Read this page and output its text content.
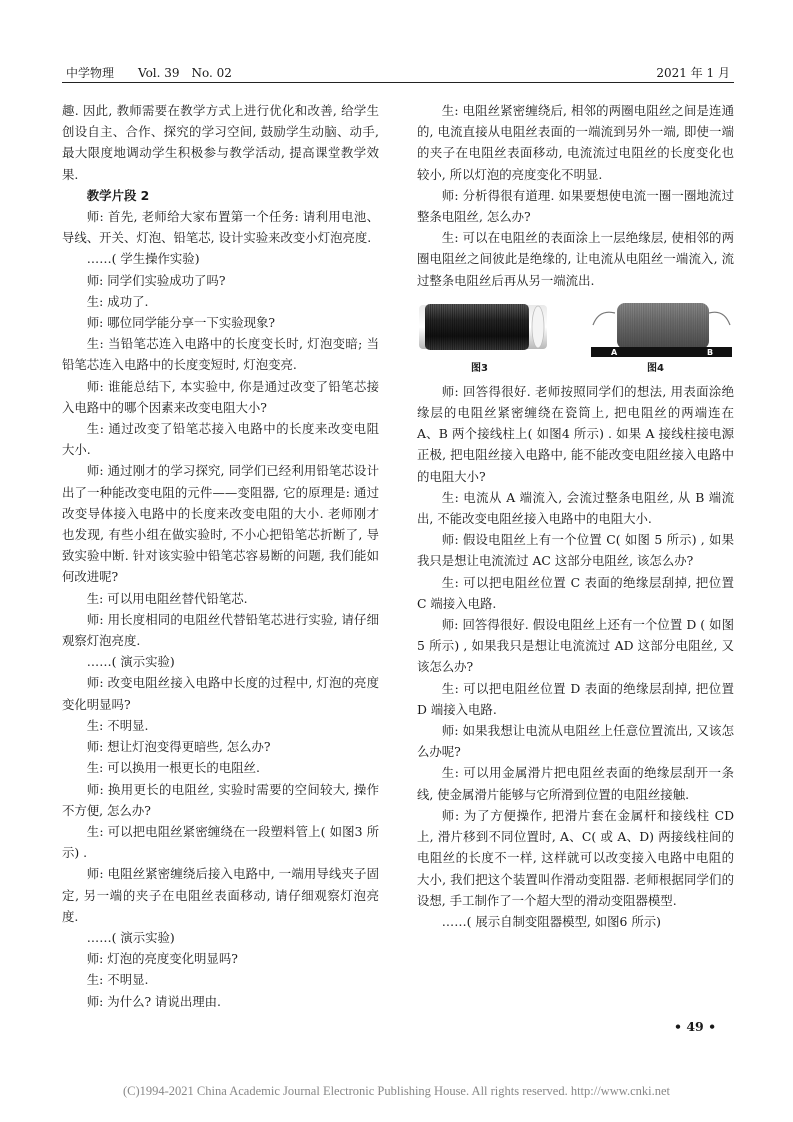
中学物理　　Vol. 39　No. 02	2021 年 1 月

趣. 因此, 教师需要在教学方式上进行优化和改善, 给学生创设自主、合作、探究的学习空间, 鼓励学生动脑、动手, 最大限度地调动学生积极参与教学活动, 提高课堂教学效果.

教学片段 2

师: 首先, 老师给大家布置第一个任务: 请利用电池、导线、开关、灯泡、铅笔芯, 设计实验来改变小灯泡亮度.

……( 学生操作实验)

师: 同学们实验成功了吗?

生: 成功了.

师: 哪位同学能分享一下实验现象?

生: 当铅笔芯连入电路中的长度变长时, 灯泡变暗; 当铅笔芯连入电路中的长度变短时, 灯泡变亮.

师: 谁能总结下, 本实验中, 你是通过改变了铅笔芯接入电路中的哪个因素来改变电阻大小?

生: 通过改变了铅笔芯接入电路中的长度来改变电阻大小.

师: 通过刚才的学习探究, 同学们已经利用铅笔芯设计出了一种能改变电阻的元件——变阻器, 它的原理是: 通过改变导体接入电路中的长度来改变电阻的大小. 老师刚才也发现, 有些小组在做实验时, 不小心把铅笔芯折断了, 导致实验中断. 针对该实验中铅笔芯容易断的问题, 我们能如何改进呢?

生: 可以用电阻丝替代铅笔芯.

师: 用长度相同的电阻丝代替铅笔芯进行实验, 请仔细观察灯泡亮度.

……( 演示实验)

师: 改变电阻丝接入电路中长度的过程中, 灯泡的亮度变化明显吗?

生: 不明显.

师: 想让灯泡变得更暗些, 怎么办?

生: 可以换用一根更长的电阻丝.

师: 换用更长的电阻丝, 实验时需要的空间较大, 操作不方便, 怎么办?

生: 可以把电阻丝紧密缠绕在一段塑料管上( 如图3 所示) .

师: 电阻丝紧密缠绕后接入电路中, 一端用导线夹子固定, 另一端的夹子在电阻丝表面移动, 请仔细观察灯泡亮度.

……( 演示实验)

师: 灯泡的亮度变化明显吗?

生: 不明显.

师: 为什么? 请说出理由.

生: 电阻丝紧密缠绕后, 相邻的两圈电阻丝之间是连通的, 电流直接从电阻丝表面的一端流到另外一端, 即使一端的夹子在电阻丝表面移动, 电流流过电阻丝的长度变化也较小, 所以灯泡的亮度变化不明显.

师: 分析得很有道理. 如果要想使电流一圈一圈地流过整条电阻丝, 怎么办?

生: 可以在电阻丝的表面涂上一层绝缘层, 使相邻的两圈电阻丝之间彼此是绝缘的, 让电流从电阻丝一端流入, 流过整条电阻丝后再从另一端流出.

A	B
图3	图4

师: 回答得很好. 老师按照同学们的想法, 用表面涂绝缘层的电阻丝紧密缠绕在瓷筒上, 把电阻丝的两端连在 A、B 两个接线柱上( 如图4 所示) . 如果 A 接线柱接电源正极, 把电阻丝接入电路中, 能不能改变电阻丝接入电路中的电阻大小?

生: 电流从 A 端流入, 会流过整条电阻丝, 从 B 端流出, 不能改变电阻丝接入电路中的电阻大小.

师: 假设电阻丝上有一个位置 C( 如图 5 所示) , 如果我只是想让电流流过 AC 这部分电阻丝, 该怎么办?

生: 可以把电阻丝位置 C 表面的绝缘层刮掉, 把位置 C 端接入电路.

师: 回答得很好. 假设电阻丝上还有一个位置 D ( 如图 5 所示) , 如果我只是想让电流流过 AD 这部分电阻丝, 又该怎么办?

生: 可以把电阻丝位置 D 表面的绝缘层刮掉, 把位置 D 端接入电路.

师: 如果我想让电流从电阻丝上任意位置流出, 又该怎么办呢?

生: 可以用金属滑片把电阻丝表面的绝缘层刮开一条线, 使金属滑片能够与它所滑到位置的电阻丝接触.

师: 为了方便操作, 把滑片套在金属杆和接线柱 CD 上, 滑片移到不同位置时, A、C( 或 A、D) 两接线柱间的电阻丝的长度不一样, 这样就可以改变接入电路中电阻的大小, 我们把这个装置叫作滑动变阻器. 老师根据同学们的设想, 手工制作了一个超大型的滑动变阻器模型.

……( 展示自制变阻器模型, 如图6 所示)

• 49 •
(C)1994-2021 China Academic Journal Electronic Publishing House. All rights reserved. http://www.cnki.net
